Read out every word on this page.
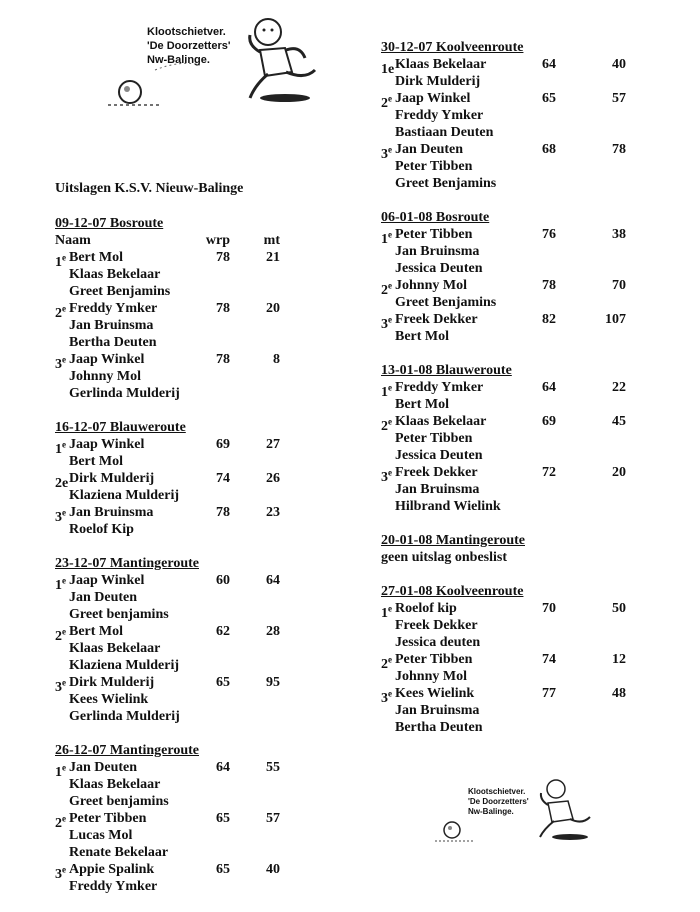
Klootschietver.
'De Doorzetters'
Nw-Balinge.
Klootschietver.
'De Doorzetters'
Nw-Balinge.
Uitslagen K.S.V. Nieuw-Balinge
09-12-07 Bosroute
Naam	wrp	mt
1e Bert Mol	78	21
Klaas Bekelaar
Greet Benjamins
2e Freddy Ymker	78	20
Jan Bruinsma
Bertha Deuten
3e Jaap Winkel	78	8
Johnny Mol
Gerlinda Mulderij
16-12-07 Blauweroute
1e Jaap Winkel	69	27
Bert Mol
2e Dirk Mulderij	74	26
Klaziena Mulderij
3e Jan Bruinsma	78	23
Roelof Kip
23-12-07 Mantingeroute
1e Jaap Winkel	60	64
Jan Deuten
Greet benjamins
2e Bert Mol	62	28
Klaas Bekelaar
Klaziena Mulderij
3e Dirk Mulderij	65	95
Kees Wielink
Gerlinda Mulderij
26-12-07 Mantingeroute
1e Jan Deuten	64	55
Klaas Bekelaar
Greet benjamins
2e Peter Tibben	65	57
Lucas Mol
Renate Bekelaar
3e Appie Spalink	65	40
Freddy Ymker
30-12-07 Koolveenroute
1e Klaas Bekelaar	64	40
Dirk Mulderij
2e Jaap Winkel	65	57
Freddy Ymker
Bastiaan Deuten
3e Jan Deuten	68	78
Peter Tibben
Greet Benjamins
06-01-08 Bosroute
1e Peter Tibben	76	38
Jan Bruinsma
Jessica Deuten
2e Johnny Mol	78	70
Greet Benjamins
3e Freek Dekker	82	107
Bert Mol
13-01-08 Blauweroute
1e Freddy Ymker	64	22
Bert Mol
2e Klaas Bekelaar	69	45
Peter Tibben
Jessica Deuten
3e Freek Dekker	72	20
Jan Bruinsma
Hilbrand Wielink
20-01-08 Mantingeroute
geen uitslag onbeslist
27-01-08 Koolveenroute
1e Roelof kip	70	50
Freek Dekker
Jessica deuten
2e Peter Tibben	74	12
Johnny Mol
3e Kees Wielink	77	48
Jan Bruinsma
Bertha Deuten
